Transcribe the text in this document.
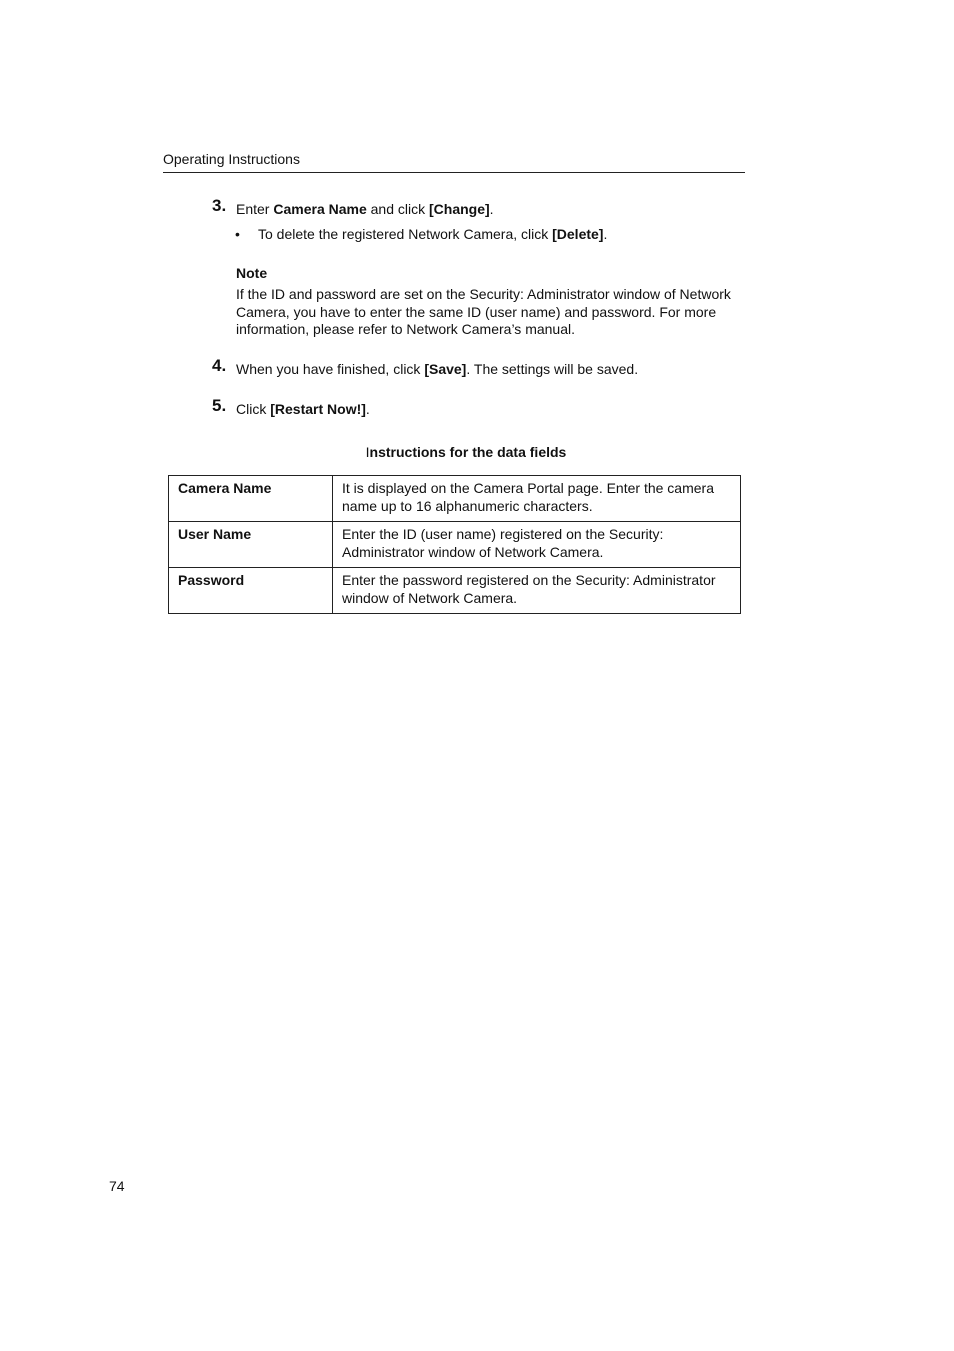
Operating Instructions
3. Enter Camera Name and click [Change].
• To delete the registered Network Camera, click [Delete].
Note
If the ID and password are set on the Security: Administrator window of Network Camera, you have to enter the same ID (user name) and password. For more information, please refer to Network Camera’s manual.
4. When you have finished, click [Save]. The settings will be saved.
5. Click [Restart Now!].
Instructions for the data fields
Camera Name	It is displayed on the Camera Portal page. Enter the camera name up to 16 alphanumeric characters.
User Name	Enter the ID (user name) registered on the Security: Administrator window of Network Camera.
Password	Enter the password registered on the Security: Administrator window of Network Camera.
74
